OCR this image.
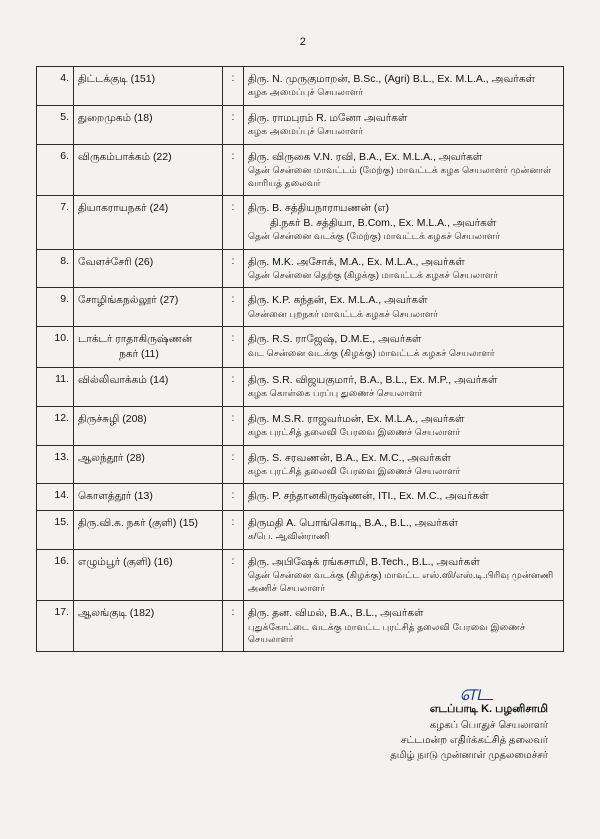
2
4.	திட்டக்குடி (151)	:	திரு. N. முருகுமாறன், B.Sc., (Agri) B.L., Ex. M.L.A., அவர்கள்
கழக அமைப்புச் செயலாளர்

5.	துறைமுகம் (18)	:	திரு. ராமபுரம் R. மனோ அவர்கள்
கழக அமைப்புச் செயலாளர்

6.	விருகம்பாக்கம் (22)	:	திரு. விருகை V.N. ரவி, B.A., Ex. M.L.A., அவர்கள்
தென் சென்னை மாவட்டம் (மேற்கு) மாவட்டக் கழக செயலாளர் முன்னாள் வாரியத் தலைவர்

7.	தியாகராயநகர் (24)	:	திரு. B. சத்தியநாராயணன் (எ)
தி.நகர் B. சத்தியா, B.Com., Ex. M.L.A., அவர்கள்
தென் சென்னை வடக்கு (மேற்கு) மாவட்டக் கழகச் செயலாளர்

8.	வேளச்சேரி (26)	:	திரு. M.K. அசோக், M.A., Ex. M.L.A., அவர்கள்
தென் சென்னை தெற்கு (கிழக்கு) மாவட்டக் கழகச் செயலாளர்

9.	சோழிங்கநல்லூர் (27)	:	திரு. K.P. கந்தன், Ex. M.L.A., அவர்கள்
சென்னை புறநகர் மாவட்டக் கழகச் செயலாளர்

10.	டாக்டர் ராதாகிருஷ்ணன்
நகர் (11)	:	திரு. R.S. ராஜேஷ், D.M.E., அவர்கள்
வட சென்னை வடக்கு (கிழக்கு) மாவட்டக் கழகச் செயலாளர்

11.	வில்லிவாக்கம் (14)	:	திரு. S.R. விஜயகுமார், B.A., B.L., Ex. M.P., அவர்கள்
கழக கொள்கை பரப்பு துணைச் செயலாளர்

12.	திருச்சுழி (208)	:	திரு. M.S.R. ராஜவர்மன், Ex. M.L.A., அவர்கள்
கழக புரட்சித் தலைவி பேரவை இணைச் செயலாளர்

13.	ஆலந்தூர் (28)	:	திரு. S. சரவணன், B.A., Ex. M.C., அவர்கள்
கழக புரட்சித் தலைவி பேரவை இணைச் செயலாளர்

14.	கொளத்தூர் (13)	:	திரு. P. சந்தானகிருஷ்ணன், ITI., Ex. M.C., அவர்கள்

15.	திரு.வி.க. நகர் (குளி) (15)	:	திருமதி A. பொங்கொடி, B.A., B.L., அவர்கள்
க/பெ. ஆவின்ராணி

16.	எழும்பூர் (குளி) (16)	:	திரு. அபிஷேக் ரங்கசாமி, B.Tech., B.L., அவர்கள்
தென் சென்னை வடக்கு (கிழக்கு) மாவட்ட எஸ்.ஸி/எஸ்.டி.பிரிவு முன்னணி அணிச் செயலாளர்

17.	ஆலங்குடி (182)	:	திரு. தன. விமல், B.A., B.L., அவர்கள்
புதுக்கோட்டை வடக்கு மாவட்ட புரட்சித் தலைவி பேரவை இணைச் செயலாளர்
எட
எடப்பாடி K. பழனிசாமி
கழகப் பொதுச் செயலாளர்
சட்டமன்ற எதிர்க்கட்சித் தலைவர்
தமிழ் நாடு முன்னாள் முதலமைச்சர்
